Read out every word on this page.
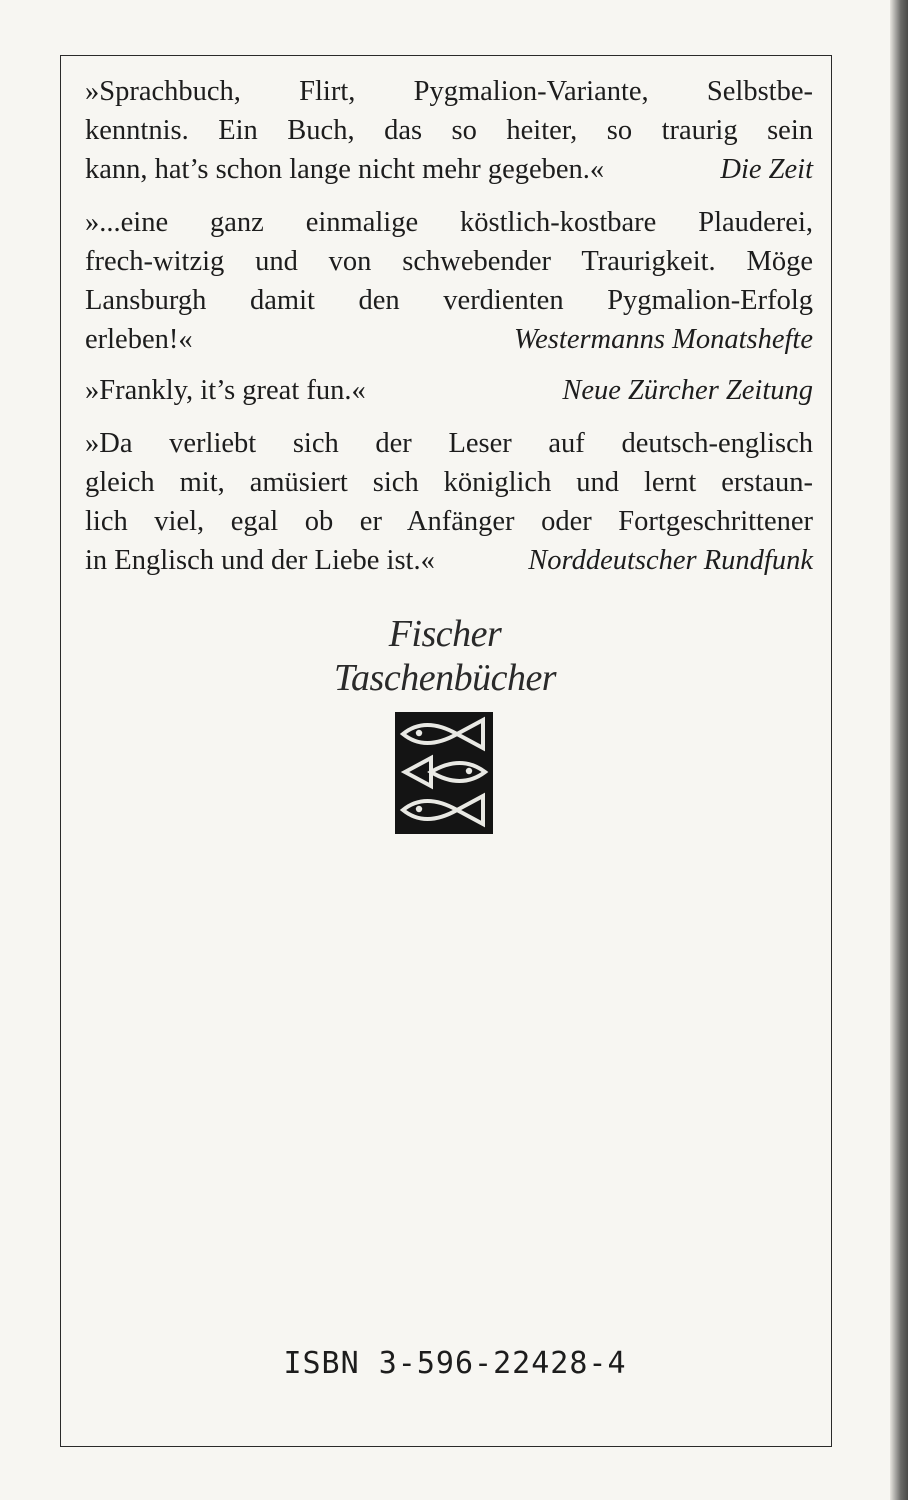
»Sprachbuch, Flirt, Pygmalion-Variante, Selbstbe-
kenntnis. Ein Buch, das so heiter, so traurig sein
kann, hat’s schon lange nicht mehr gegeben.«	Die Zeit
»...eine ganz einmalige köstlich-kostbare Plauderei,
frech-witzig und von schwebender Traurigkeit. Möge
Lansburgh damit den verdienten Pygmalion-Erfolg
erleben!«	Westermanns Monatshefte
»Frankly, it’s great fun.«	Neue Zürcher Zeitung
»Da verliebt sich der Leser auf deutsch-englisch
gleich mit, amüsiert sich königlich und lernt erstaun-
lich viel, egal ob er Anfänger oder Fortgeschrittener
in Englisch und der Liebe ist.«	Norddeutscher Rundfunk
Fischer
Taschenbücher
ISBN 3-596-22428-4
